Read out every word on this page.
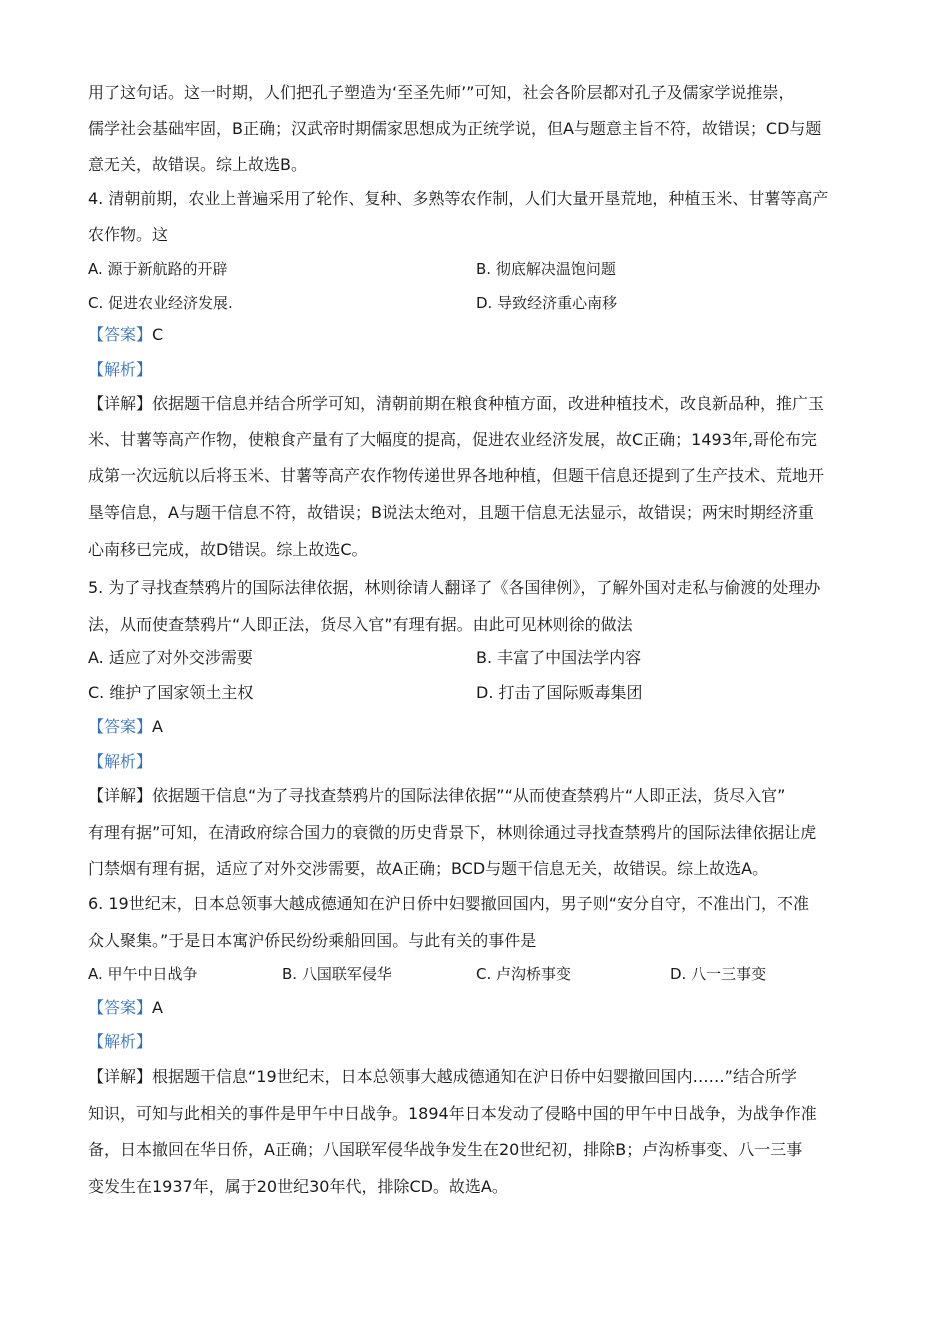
用了这句话。这一时期，人们把孔子塑造为‘至圣先师’”可知，社会各阶层都对孔子及儒家学说推崇，
儒学社会基础牢固，B正确；汉武帝时期儒家思想成为正统学说，但A与题意主旨不符，故错误；CD与题
意无关，故错误。综上故选B。
4. 清朝前期，农业上普遍采用了轮作、复种、多熟等农作制，人们大量开垦荒地，种植玉米、甘薯等高产
农作物。这
A. 源于新航路的开辟	B. 彻底解决温饱问题
C. 促进农业经济发展.	D. 导致经济重心南移
【答案】C
【解析】
【详解】依据题干信息并结合所学可知，清朝前期在粮食种植方面，改进种植技术，改良新品种，推广玉
米、甘薯等高产作物，使粮食产量有了大幅度的提高，促进农业经济发展，故C正确；1493年,哥伦布完
成第一次远航以后将玉米、甘薯等高产农作物传递世界各地种植，但题干信息还提到了生产技术、荒地开
垦等信息，A与题干信息不符，故错误；B说法太绝对，且题干信息无法显示，故错误；两宋时期经济重
心南移已完成，故D错误。综上故选C。
5. 为了寻找查禁鸦片的国际法律依据，林则徐请人翻译了《各国律例》，了解外国对走私与偷渡的处理办
法，从而使查禁鸦片“人即正法，货尽入官”有理有据。由此可见林则徐的做法
A. 适应了对外交涉需要	B. 丰富了中国法学内容
C. 维护了国家领土主权	D. 打击了国际贩毒集团
【答案】A
【解析】
【详解】依据题干信息“为了寻找查禁鸦片的国际法律依据”“从而使查禁鸦片“人即正法，货尽入官”
有理有据”可知，在清政府综合国力的衰微的历史背景下，林则徐通过寻找查禁鸦片的国际法律依据让虎
门禁烟有理有据，适应了对外交涉需要，故A正确；BCD与题干信息无关，故错误。综上故选A。
6. 19世纪末，日本总领事大越成德通知在沪日侨中妇婴撤回国内，男子则“安分自守，不准出门，不准
众人聚集。”于是日本寓沪侨民纷纷乘船回国。与此有关的事件是
A. 甲午中日战争	B. 八国联军侵华	C. 卢沟桥事变	D. 八一三事变
【答案】A
【解析】
【详解】根据题干信息“19世纪末，日本总领事大越成德通知在沪日侨中妇婴撤回国内……”结合所学
知识，可知与此相关的事件是甲午中日战争。1894年日本发动了侵略中国的甲午中日战争，为战争作准
备，日本撤回在华日侨，A正确；八国联军侵华战争发生在20世纪初，排除B；卢沟桥事变、八一三事
变发生在1937年，属于20世纪30年代，排除CD。故选A。
